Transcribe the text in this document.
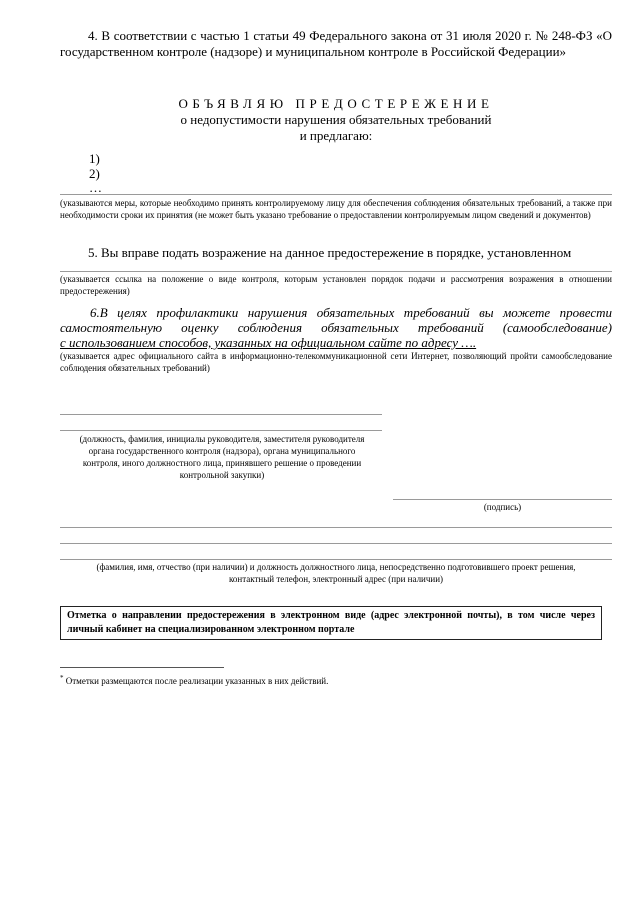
4. В соответствии с частью 1 статьи 49 Федерального закона от 31 июля 2020 г. № 248-ФЗ «О государственном контроле (надзоре) и муниципальном контроле в Российской Федерации»
ОБЪЯВЛЯЮ ПРЕДОСТЕРЕЖЕНИЕ
о недопустимости нарушения обязательных требований
и предлагаю:
1)
2)
…
(указываются меры, которые необходимо принять контролируемому лицу для обеспечения соблюдения обязательных требований, а также при необходимости сроки их принятия (не может быть указано требование о предоставлении контролируемым лицом сведений и документов)
5. Вы вправе подать возражение на данное предостережение в порядке, установленном
(указывается ссылка на положение о виде контроля, которым установлен порядок подачи и рассмотрения возражения в отношении предостережения)
6.В целях профилактики нарушения обязательных требований вы можете провести самостоятельную оценку соблюдения обязательных требований (самообследование)
с использованием способов, указанных на официальном сайте по адресу ….
(указывается адрес официального сайта в информационно-телекоммуникационной сети Интернет, позволяющий пройти самообследование соблюдения обязательных требований)
(должность, фамилия, инициалы руководителя, заместителя руководителя органа государственного контроля (надзора), органа муниципального контроля, иного должностного лица, принявшего решение о проведении контрольной закупки)
(подпись)
(фамилия, имя, отчество (при наличии) и должность должностного лица, непосредственно подготовившего проект решения, контактный телефон, электронный адрес (при наличии)
Отметка о направлении предостережения в электронном виде (адрес электронной почты), в том числе через личный кабинет на специализированном электронном портале
* Отметки размещаются после реализации указанных в них действий.
